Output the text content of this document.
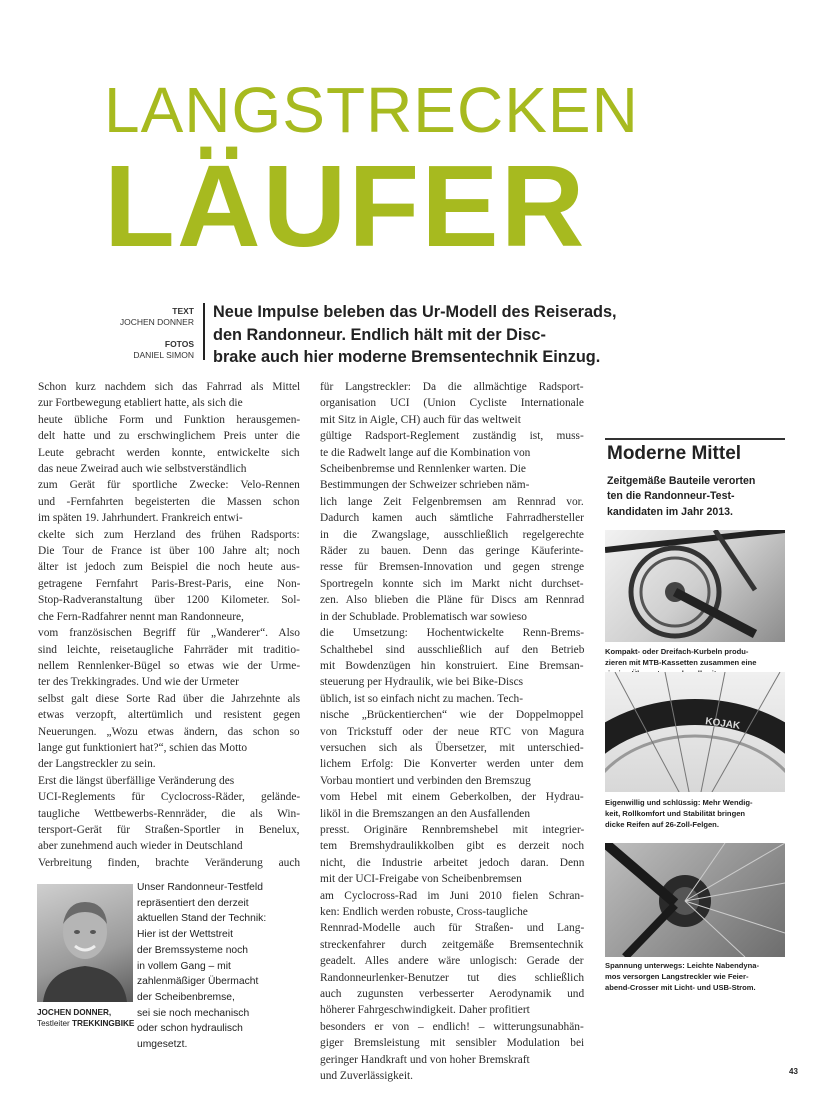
LANGSTRECKEN
LÄUFER
TEXT
JOCHEN DONNER
FOTOS
DANIEL SIMON
Neue Impulse beleben das Ur-Modell des Reiserads,
den Randonneur. Endlich hält mit der Disc-
brake auch hier moderne Bremsentechnik Einzug.
Schon kurz nachdem sich das Fahrrad als Mittel
zur Fortbewegung etabliert hatte, als sich die
heute übliche Form und Funktion herausgemen-
delt hatte und zu erschwinglichem Preis unter die
Leute gebracht werden konnte, entwickelte sich
das neue Zweirad auch wie selbstverständlich
zum Gerät für sportliche Zwecke: Velo-Rennen
und -Fernfahrten begeisterten die Massen schon
im späten 19. Jahrhundert. Frankreich entwi-
ckelte sich zum Herzland des frühen Radsports:
Die Tour de France ist über 100 Jahre alt; noch
älter ist jedoch zum Beispiel die noch heute aus-
getragene Fernfahrt Paris-Brest-Paris, eine Non-
Stop-Radveranstaltung über 1200 Kilometer. Sol-
che Fern-Radfahrer nennt man Randonneure,
vom französischen Begriff für „Wanderer“. Also
sind leichte, reisetaugliche Fahrräder mit traditio-
nellem Rennlenker-Bügel so etwas wie der Urme-
ter des Trekkingrades. Und wie der Urmeter
selbst galt diese Sorte Rad über die Jahrzehnte als
etwas verzopft, altertümlich und resistent gegen
Neuerungen. „Wozu etwas ändern, das schon so
lange gut funktioniert hat?“, schien das Motto
der Langstreckler zu sein.
Erst die längst überfällige Veränderung des
UCI-Reglements für Cyclocross-Räder, gelände-
taugliche Wettbewerbs-Rennräder, die als Win-
tersport-Gerät für Straßen-Sportler in Benelux,
aber zunehmend auch wieder in Deutschland
Verbreitung finden, brachte Veränderung auch
für Langstreckler: Da die allmächtige Radsport-
organisation UCI (Union Cycliste Internationale
mit Sitz in Aigle, CH) auch für das weltweit
gültige Radsport-Reglement zuständig ist, muss-
te die Radwelt lange auf die Kombination von
Scheibenbremse und Rennlenker warten. Die
Bestimmungen der Schweizer schrieben näm-
lich lange Zeit Felgenbremsen am Rennrad vor.
Dadurch kamen auch sämtliche Fahrradhersteller
in die Zwangslage, ausschließlich regelgerechte
Räder zu bauen. Denn das geringe Käuferinte-
resse für Bremsen-Innovation und gegen strenge
Sportregeln konnte sich im Markt nicht durchset-
zen. Also blieben die Pläne für Discs am Rennrad
in der Schublade. Problematisch war sowieso
die Umsetzung: Hochentwickelte Renn-Brems-
Schalthebel sind ausschließlich auf den Betrieb
mit Bowdenzügen hin konstruiert. Eine Bremsan-
steuerung per Hydraulik, wie bei Bike-Discs
üblich, ist so einfach nicht zu machen. Tech-
nische „Brückentierchen“ wie der Doppelmoppel
von Trickstuff oder der neue RTC von Magura
versuchen sich als Übersetzer, mit unterschied-
lichem Erfolg: Die Konverter werden unter dem
Vorbau montiert und verbinden den Bremszug
vom Hebel mit einem Geberkolben, der Hydrau-
liköl in die Bremszangen an den Ausfallenden
presst. Originäre Rennbremshebel mit integrier-
tem Bremshydraulikkolben gibt es derzeit noch
nicht, die Industrie arbeitet jedoch daran. Denn
mit der UCI-Freigabe von Scheibenbremsen
am Cyclocross-Rad im Juni 2010 fielen Schran-
ken: Endlich werden robuste, Cross-taugliche
Rennrad-Modelle auch für Straßen- und Lang-
streckenfahrer durch zeitgemäße Bremsentechnik
geadelt. Alles andere wäre unlogisch: Gerade der
Randonneurlenker-Benutzer tut dies schließlich
auch zugunsten verbesserter Aerodynamik und
höherer Fahrgeschwindigkeit. Daher profitiert
besonders er von – endlich! – witterungsunabhän-
giger Bremsleistung mit sensibler Modulation bei
geringer Handkraft und von hoher Bremskraft
und Zuverlässigkeit.
JOCHEN DONNER,
Testleiter TREKKINGBIKE
Unser Randonneur-Testfeld
repräsentiert den derzeit
aktuellen Stand der Technik:
Hier ist der Wettstreit
der Bremssysteme noch
in vollem Gang – mit
zahlenmäßiger Übermacht
der Scheibenbremse,
sei sie noch mechanisch
oder schon hydraulisch
umgesetzt.
Moderne Mittel
Zeitgemäße Bauteile verorten
ten die Randonneur-Test-
kandidaten im Jahr 2013.
Kompakt- oder Dreifach-Kurbeln produ-
zieren mit MTB-Kassetten zusammen eine
KOJAK
Eigenwillig und schlüssig: Mehr Wendig-
keit, Rollkomfort und Stabilität bringen
dicke Reifen auf 26-Zoll-Felgen.
Spannung unterwegs: Leichte Nabendyna-
mos versorgen Langstreckler wie Feier-
abend-Crosser mit Licht- und USB-Strom.
43
